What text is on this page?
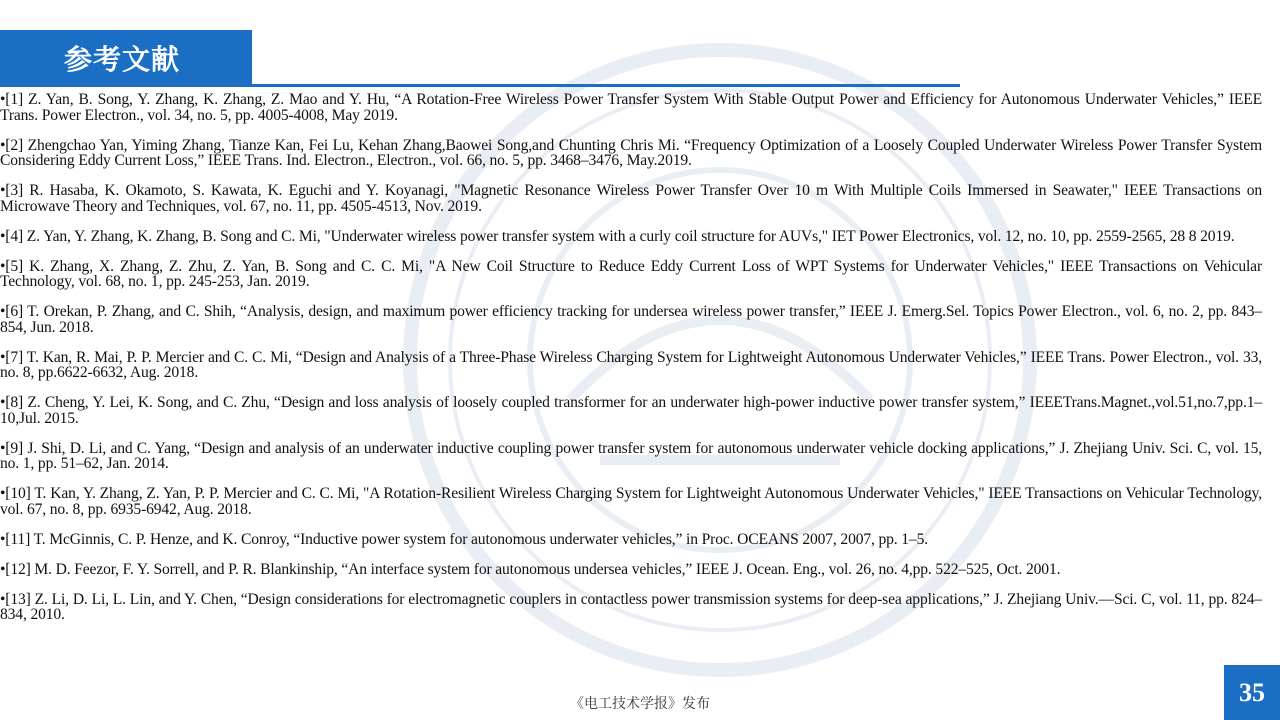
参考文献

•[1] Z. Yan, B. Song, Y. Zhang, K. Zhang, Z. Mao and Y. Hu, “A Rotation-Free Wireless Power Transfer System With Stable Output Power and Efficiency for Autonomous Underwater Vehicles,” IEEE Trans. Power Electron., vol. 34, no. 5, pp. 4005-4008, May 2019.

•[2] Zhengchao Yan, Yiming Zhang, Tianze Kan, Fei Lu, Kehan Zhang,Baowei Song,and Chunting Chris Mi. “Frequency Optimization of a Loosely Coupled Underwater Wireless Power Transfer System Considering Eddy Current Loss,” IEEE Trans. Ind. Electron., Electron., vol. 66, no. 5, pp. 3468–3476, May.2019.

•[3] R. Hasaba, K. Okamoto, S. Kawata, K. Eguchi and Y. Koyanagi, "Magnetic Resonance Wireless Power Transfer Over 10 m With Multiple Coils Immersed in Seawater," IEEE Transactions on Microwave Theory and Techniques, vol. 67, no. 11, pp. 4505-4513, Nov. 2019.

•[4] Z. Yan, Y. Zhang, K. Zhang, B. Song and C. Mi, "Underwater wireless power transfer system with a curly coil structure for AUVs," IET Power Electronics, vol. 12, no. 10, pp. 2559-2565, 28 8 2019.

•[5] K. Zhang, X. Zhang, Z. Zhu, Z. Yan, B. Song and C. C. Mi, "A New Coil Structure to Reduce Eddy Current Loss of WPT Systems for Underwater Vehicles," IEEE Transactions on Vehicular Technology, vol. 68, no. 1, pp. 245-253, Jan. 2019.

•[6] T. Orekan, P. Zhang, and C. Shih, “Analysis, design, and maximum power efficiency tracking for undersea wireless power transfer,” IEEE J. Emerg.Sel. Topics Power Electron., vol. 6, no. 2, pp. 843–854, Jun. 2018.

•[7] T. Kan, R. Mai, P. P. Mercier and C. C. Mi, “Design and Analysis of a Three-Phase Wireless Charging System for Lightweight Autonomous Underwater Vehicles,” IEEE Trans. Power Electron., vol. 33, no. 8, pp.6622-6632, Aug. 2018.

•[8] Z. Cheng, Y. Lei, K. Song, and C. Zhu, “Design and loss analysis of loosely coupled transformer for an underwater high-power inductive power transfer system,” IEEETrans.Magnet.,vol.51,no.7,pp.1–10,Jul. 2015.

•[9] J. Shi, D. Li, and C. Yang, “Design and analysis of an underwater inductive coupling power transfer system for autonomous underwater vehicle docking applications,” J. Zhejiang Univ. Sci. C, vol. 15, no. 1, pp. 51–62, Jan. 2014.

•[10] T. Kan, Y. Zhang, Z. Yan, P. P. Mercier and C. C. Mi, "A Rotation-Resilient Wireless Charging System for Lightweight Autonomous Underwater Vehicles," IEEE Transactions on Vehicular Technology, vol. 67, no. 8, pp. 6935-6942, Aug. 2018.

•[11] T. McGinnis, C. P. Henze, and K. Conroy, “Inductive power system for autonomous underwater vehicles,” in Proc. OCEANS 2007, 2007, pp. 1–5.

•[12] M. D. Feezor, F. Y. Sorrell, and P. R. Blankinship, “An interface system for autonomous undersea vehicles,” IEEE J. Ocean. Eng., vol. 26, no. 4,pp. 522–525, Oct. 2001.

•[13] Z. Li, D. Li, L. Lin, and Y. Chen, “Design considerations for electromagnetic couplers in contactless power transmission systems for deep-sea applications,” J. Zhejiang Univ.—Sci. C, vol. 11, pp. 824–834, 2010.

《电工技术学报》发布	35
